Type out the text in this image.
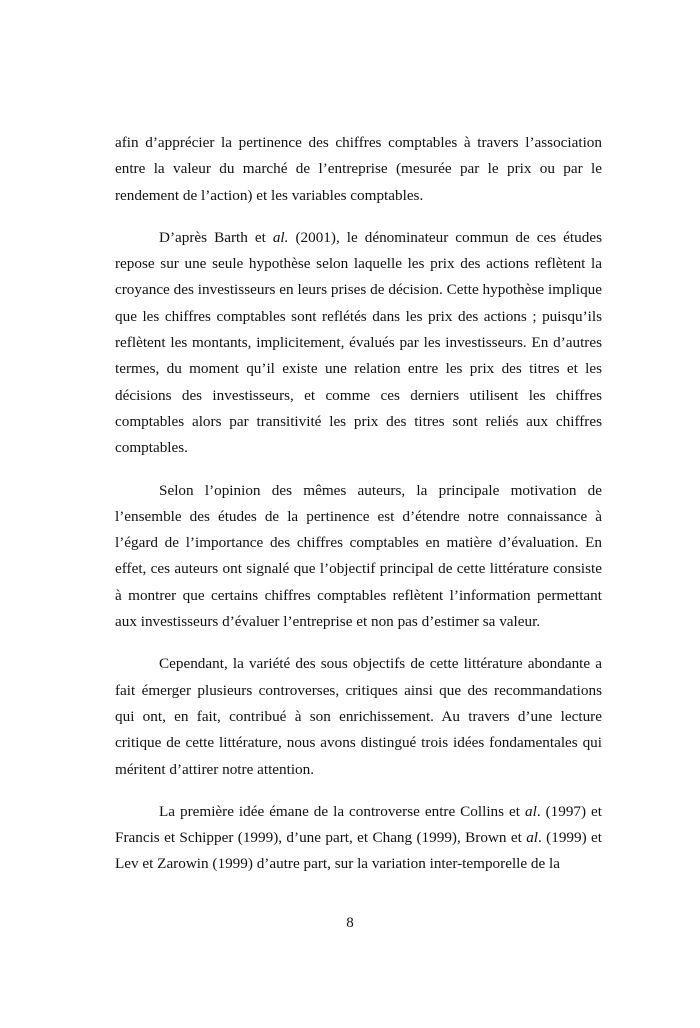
afin d’apprécier la pertinence des chiffres comptables à travers l’association entre la valeur du marché de l’entreprise (mesurée par le prix ou par le rendement de l’action) et les variables comptables.

D’après Barth et al. (2001), le dénominateur commun de ces études repose sur une seule hypothèse selon laquelle les prix des actions reflètent la croyance des investisseurs en leurs prises de décision. Cette hypothèse implique que les chiffres comptables sont reflétés dans les prix des actions ; puisqu’ils reflètent les montants, implicitement, évalués par les investisseurs. En d’autres termes, du moment qu’il existe une relation entre les prix des titres et les décisions des investisseurs, et comme ces derniers utilisent les chiffres comptables alors par transitivité les prix des titres sont reliés aux chiffres comptables.

Selon l’opinion des mêmes auteurs, la principale motivation de l’ensemble des études de la pertinence est d’étendre notre connaissance à l’égard de l’importance des chiffres comptables en matière d’évaluation. En effet, ces auteurs ont signalé que l’objectif principal de cette littérature consiste à montrer que certains chiffres comptables reflètent l’information permettant aux investisseurs d’évaluer l’entreprise et non pas d’estimer sa valeur.

Cependant, la variété des sous objectifs de cette littérature abondante a fait émerger plusieurs controverses, critiques ainsi que des recommandations qui ont, en fait, contribué à son enrichissement. Au travers d’une lecture critique de cette littérature, nous avons distingué trois idées fondamentales qui méritent d’attirer notre attention.

La première idée émane de la controverse entre Collins et al. (1997) et Francis et Schipper (1999), d’une part, et Chang (1999), Brown et al. (1999) et Lev et Zarowin (1999) d’autre part, sur la variation inter-temporelle de la

8
